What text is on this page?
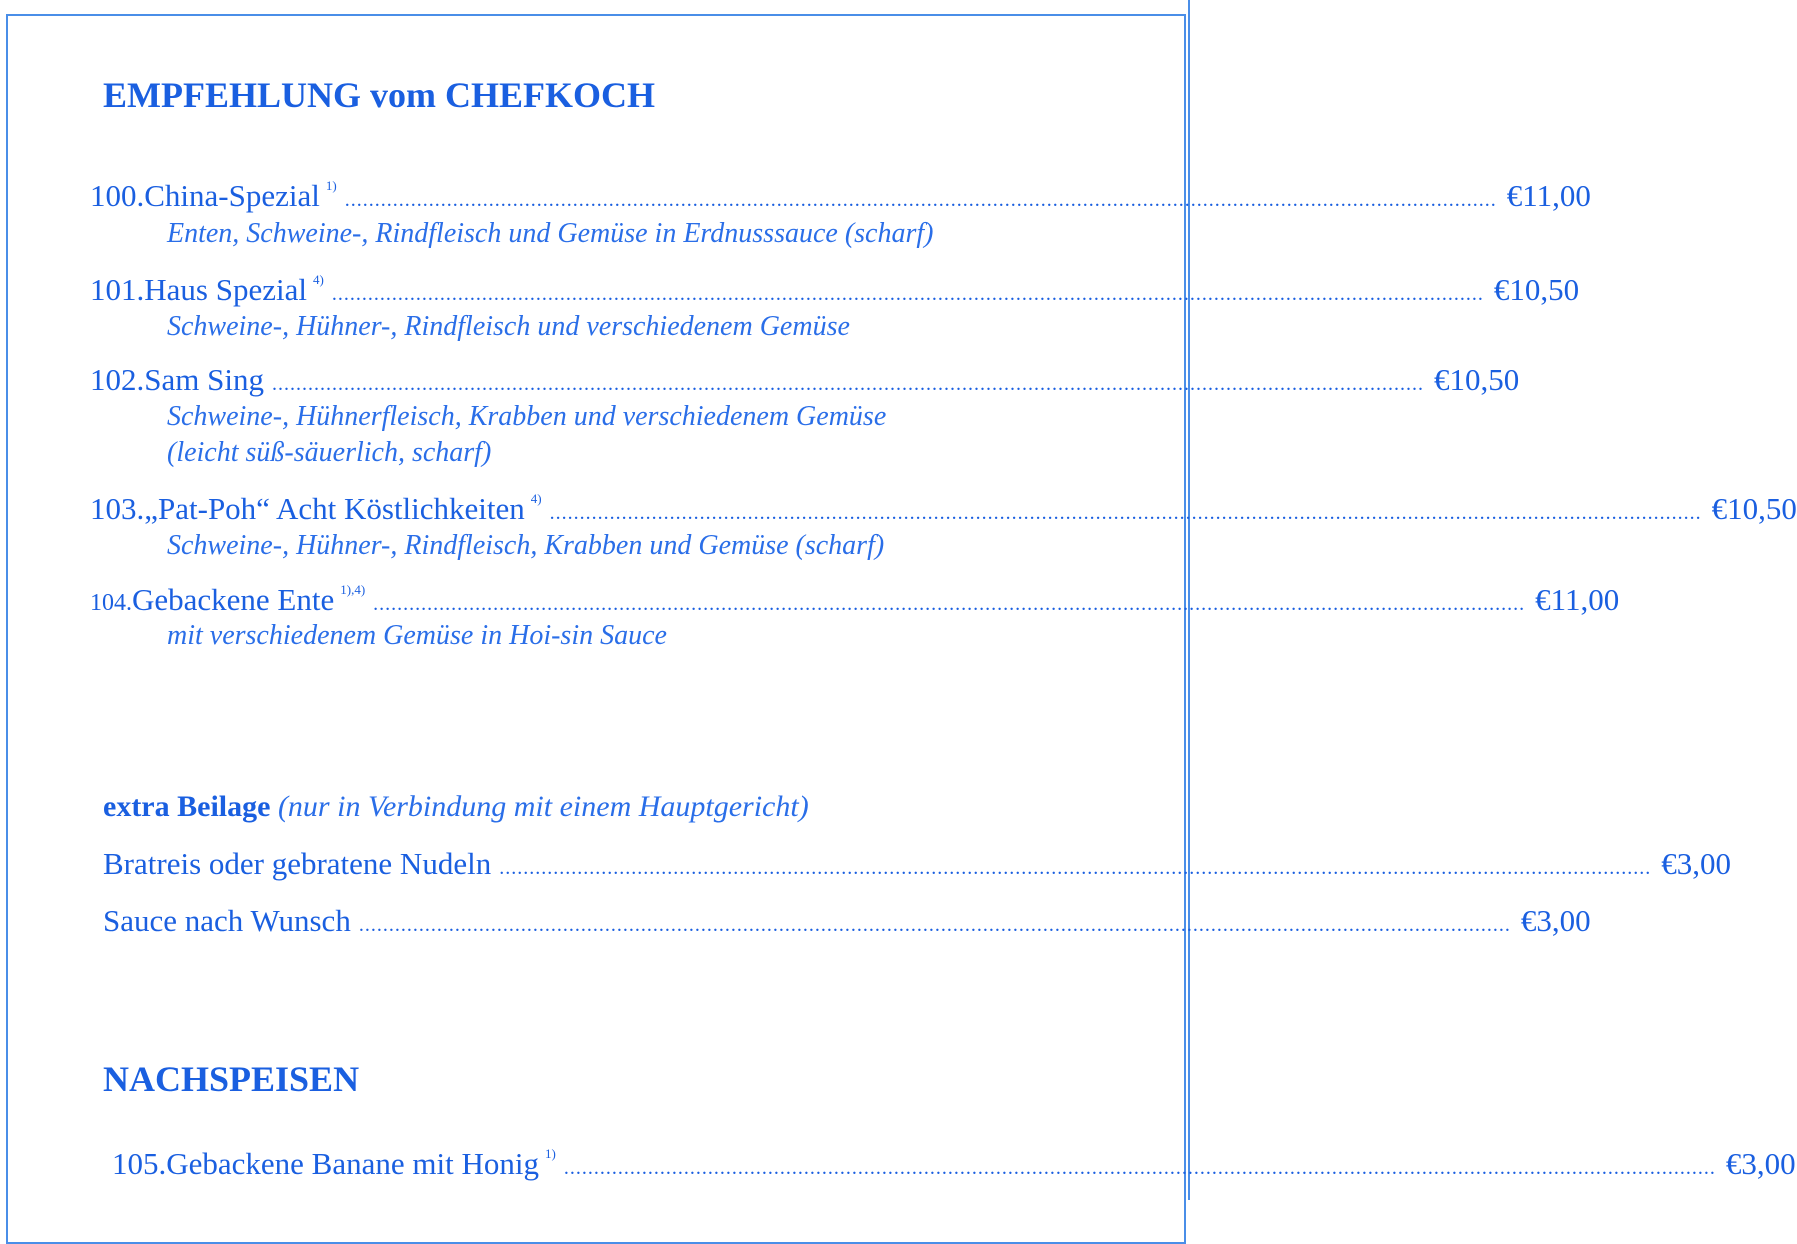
EMPFEHLUNG vom CHEFKOCH
100. China-Spezial $^{1)}$
................................................................................................................................................................................................ € 11,00
Enten, Schweine-, Rindfleisch und Gemüse in Erdnusssauce (scharf)
101. Haus Spezial $^{4)}$
................................................................................................................................................................................................ € 10,50
Schweine-, Hühner-, Rindfleisch und verschiedenem Gemüse
102. Sam Sing ................................................................................................................................................................................................ € 10,50
Schweine-, Hühnerfleisch, Krabben und verschiedenem Gemüse
(leicht süß-säuerlich, scharf)
103. „Pat-Poh“ Acht Köstlichkeiten $^{4)}$
................................................................................................................................................................................................ € 10,50
Schweine-, Hühner-, Rindfleisch, Krabben und Gemüse (scharf)
104. Gebackene Ente $^{1),4)}$
................................................................................................................................................................................................ € 11,00
mit verschiedenem Gemüse in Hoi-sin Sauce
extra Beilage (nur in Verbindung mit einem Hauptgericht)
Bratreis oder gebratene Nudeln ................................................................................................................................................................................................ € 3,00
Sauce nach Wunsch ................................................................................................................................................................................................ € 3,00
NACHSPEISEN
105. Gebackene Banane mit Honig $^{1)}$
................................................................................................................................................................................................ € 3,00
